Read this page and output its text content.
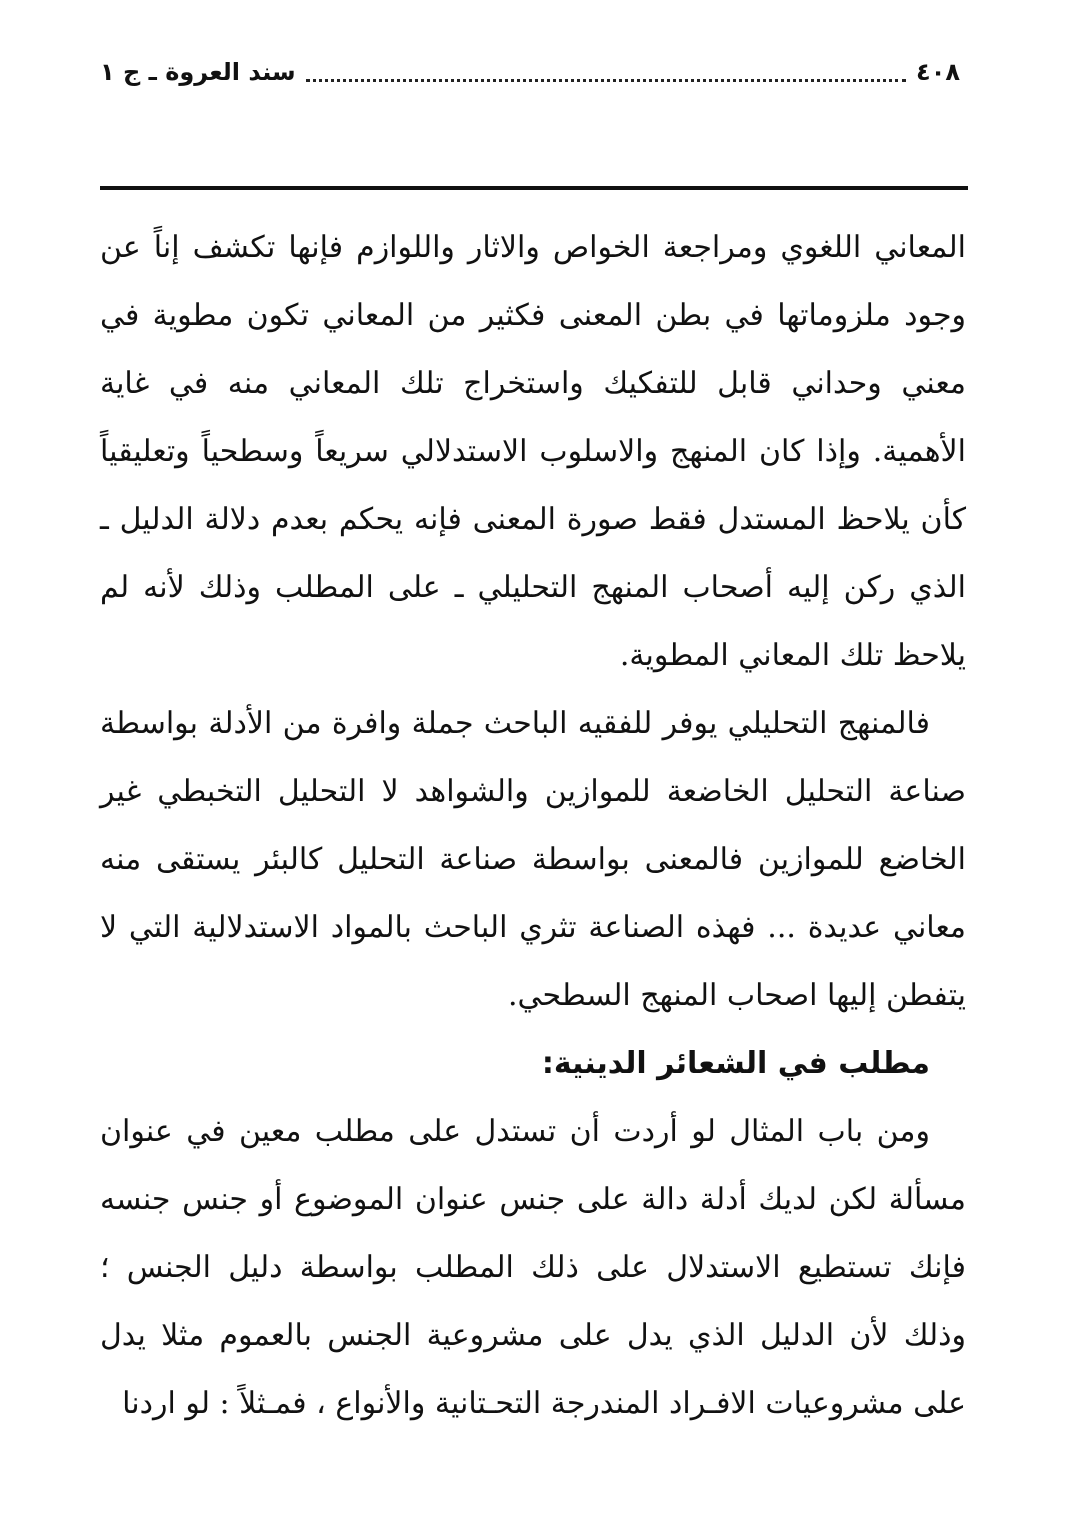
٤٠٨
سند العروة ـ ج ١

المعاني اللغوي ومراجعة الخواص والاثار واللوازم فإنها تكشف إناً عن وجود ملزوماتها في بطن المعنى فكثير من المعاني تكون مطوية في معني وحداني قابل للتفكيك واستخراج تلك المعاني منه في غاية الأهمية. وإذا كان المنهج والاسلوب الاستدلالي سريعاً وسطحياً وتعليقياً كأن يلاحظ المستدل فقط صورة المعنى فإنه يحكم بعدم دلالة الدليل ـ الذي ركن إليه أصحاب المنهج التحليلي ـ على المطلب وذلك لأنه لم يلاحظ تلك المعاني المطوية.

فالمنهج التحليلي يوفر للفقيه الباحث جملة وافرة من الأدلة بواسطة صناعة التحليل الخاضعة للموازين والشواهد لا التحليل التخبطي غير الخاضع للموازين فالمعنى بواسطة صناعة التحليل كالبئر يستقى منه معاني عديدة ... فهذه الصناعة تثري الباحث بالمواد الاستدلالية التي لا يتفطن إليها اصحاب المنهج السطحي.

مطلب في الشعائر الدينية:

ومن باب المثال لو أردت أن تستدل على مطلب معين في عنوان مسألة لكن لديك أدلة دالة على جنس عنوان الموضوع أو جنس جنسه فإنك تستطيع الاستدلال على ذلك المطلب بواسطة دليل الجنس ؛ وذلك لأن الدليل الذي يدل على مشروعية الجنس بالعموم مثلا يدل على مشروعيات الافـراد المندرجة التحـتانية والأنواع ، فمـثلاً : لو اردنا
